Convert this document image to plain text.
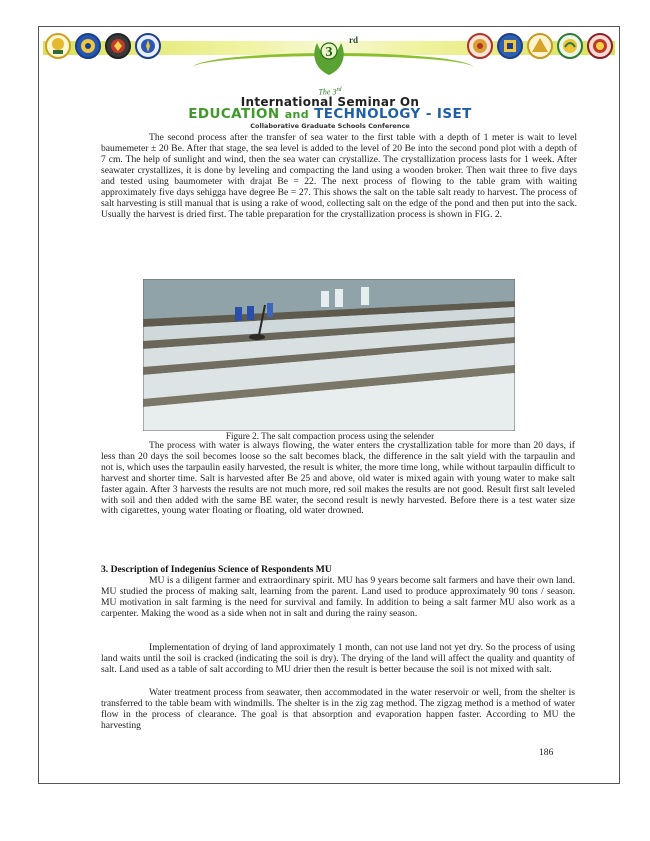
3
rd
The 3rd
International Seminar On
EDUCATION and TECHNOLOGY - ISET
Collaborative Graduate Schools Conference
The second process after the transfer of sea water to the first table with a depth of 1 meter is wait to level baumemeter ± 20 Be. After that stage, the sea level is added to the level of 20 Be into the second pond plot with a depth of 7 cm. The help of sunlight and wind, then the sea water can crystallize. The crystallization process lasts for 1 week. After seawater crystallizes, it is done by leveling and compacting the land using a wooden broker. Then wait three to five days and tested using baumometer with drajat Be = 22. The next process of flowing to the table gram with waiting approximately five days sehigga have degree Be = 27. This shows the salt on the table salt ready to harvest. The process of salt harvesting is still manual that is using a rake of wood, collecting salt on the edge of the pond and then put into the sack. Usually the harvest is dried first. The table preparation for the crystallization process is shown in FIG. 2.
Figure 2. The salt compaction process using the selender
The process with water is always flowing, the water enters the crystallization table for more than 20 days, if less than 20 days the soil becomes loose so the salt becomes black, the difference in the salt yield with the tarpaulin and not is, which uses the tarpaulin easily harvested, the result is whiter, the more time long, while without tarpaulin difficult to harvest and shorter time. Salt is harvested after Be 25 and above, old water is mixed again with young water to make salt faster again. After 3 harvests the results are not much more, red soil makes the results are not good. Result first salt leveled with soil and then added with the same BE water, the second result is newly harvested. Before there is a test water size with cigarettes, young water floating or floating, old water drowned.
3. Description of Indegenius Science of Respondents MU
MU is a diligent farmer and extraordinary spirit. MU has 9 years become salt farmers and have their own land. MU studied the process of making salt, learning from the parent. Land used to produce approximately 90 tons / season. MU motivation in salt farming is the need for survival and family. In addition to being a salt farmer MU also work as a carpenter. Making the wood as a side when not in salt and during the rainy season.
Implementation of drying of land approximately 1 month, can not use land not yet dry. So the process of using land waits until the soil is cracked (indicating the soil is dry). The drying of the land will affect the quality and quantity of salt. Land used as a table of salt according to MU drier then the result is better because the soil is not mixed with salt.
Water treatment process from seawater, then accommodated in the water reservoir or well, from the shelter is transferred to the table beam with windmills. The shelter is in the zig zag method. The zigzag method is a method of water flow in the process of clearance. The goal is that absorption and evaporation happen faster. According to MU the harvesting
186
